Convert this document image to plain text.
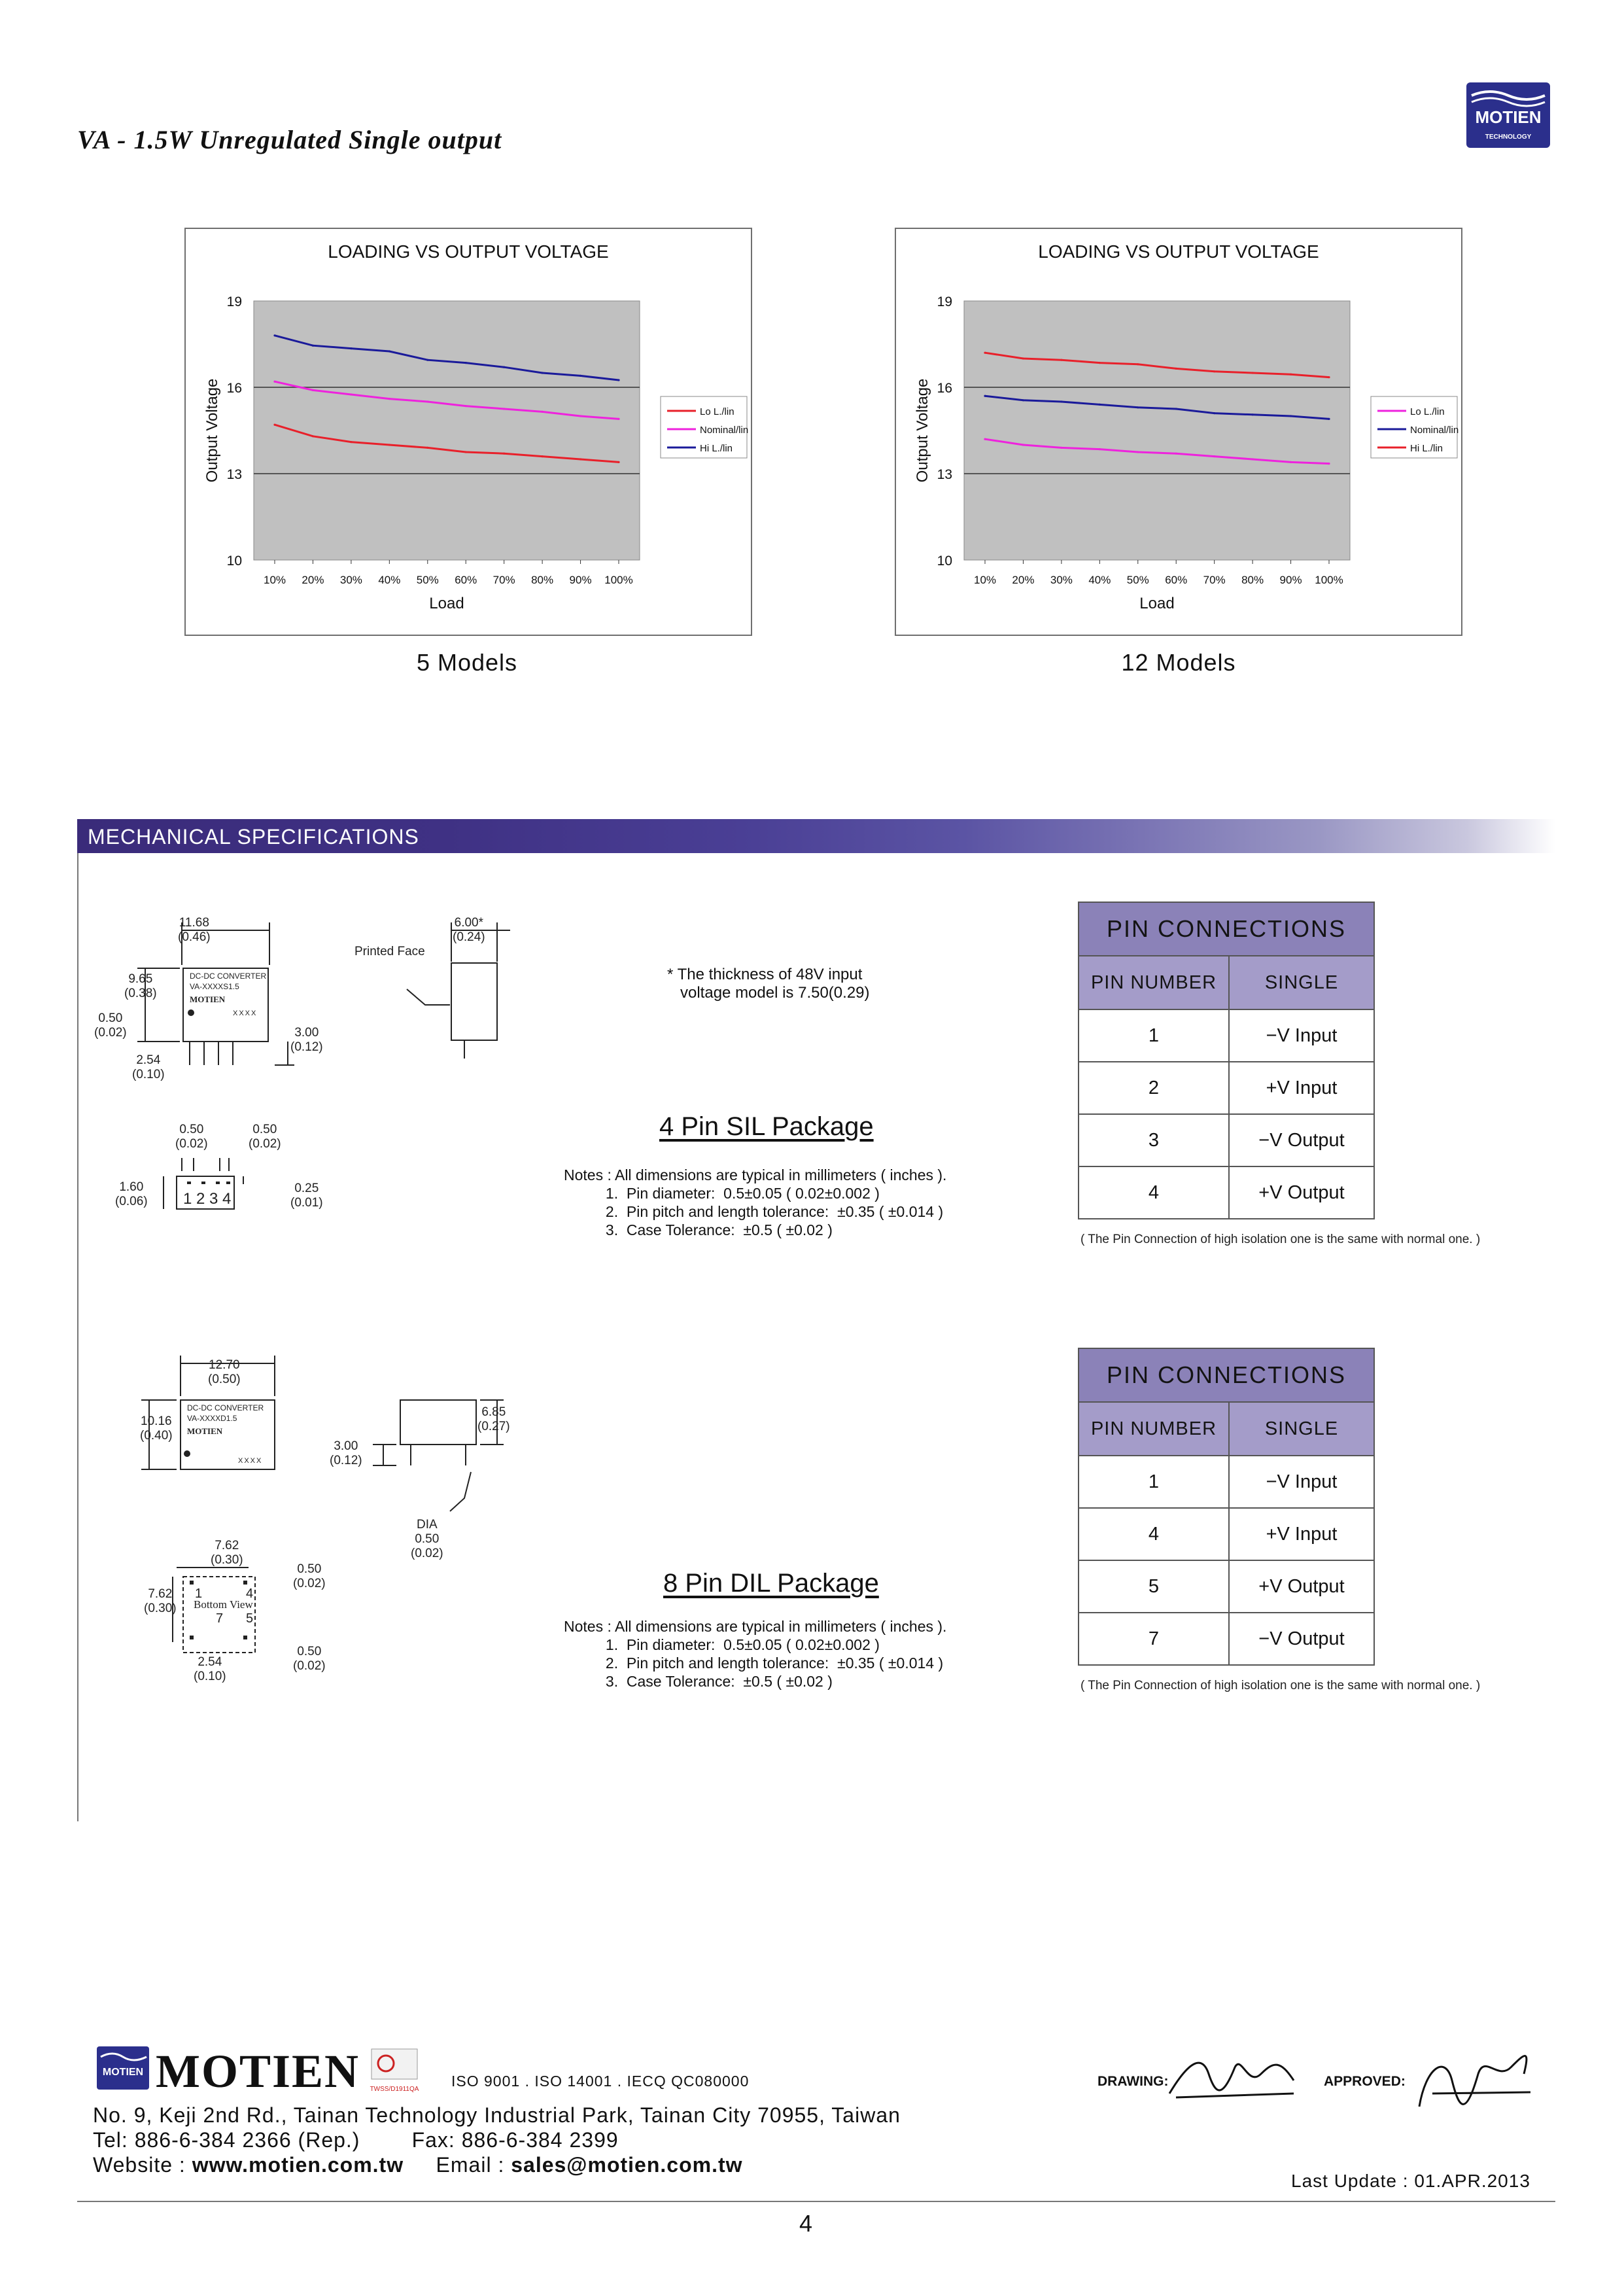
VA - 1.5W Unregulated Single output
MOTIEN
TECHNOLOGY
LOADING VS OUTPUT VOLTAGE
10
13
16
19
10% 20% 30% 40% 50% 60% 70% 80% 90% 100%
Load
Output Voltage	Lo L./lin
Nominal/lin
Hi L./lin
5 Models
LOADING VS OUTPUT VOLTAGE
10
13
16
19
10% 20% 30% 40% 50% 60% 70% 80% 90% 100%
Load
Output Voltage	Lo L./lin
Nominal/lin
Hi L./lin
12 Models
MECHANICAL SPECIFICATIONS
DC-DC CONVERTER
VA-XXXXS1.5
MOTIEN
XXXX
1 2 3 4
11.68
(0.46)
9.65
(0.38)
0.50
(0.02)
2.54
(0.10)
3.00
(0.12)
6.00*
(0.24)
Printed Face
0.50
(0.02)
0.50
(0.02)
1.60
(0.06)
0.25
(0.01)
* The thickness of 48V input
voltage model is 7.50(0.29)
4 Pin SIL Package
Notes : All dimensions are typical in millimeters ( inches ).
1.  Pin diameter:  0.5±0.05 ( 0.02±0.002 )
2.  Pin pitch and length tolerance:  ±0.35 ( ±0.014 )
3.  Case Tolerance:  ±0.5 ( ±0.02 )
PIN CONNECTIONS	
PIN NUMBER	SINGLE
1	−V Input
2	+V Input
3	−V Output
4	+V Output
( The Pin Connection of high isolation one is the same with normal one. )
DC-DC CONVERTER
VA-XXXXD1.5
MOTIEN
XXXX
1	4
Bottom View
7 5
12.70
(0.50)
10.16
(0.40)
3.00
(0.12)
6.85
(0.27)
DIA
0.50
(0.02)
7.62
(0.30)
7.62
(0.30)
2.54
(0.10)
0.50
(0.02)
0.50
(0.02)
8 Pin DIL Package
Notes : All dimensions are typical in millimeters ( inches ).
1.  Pin diameter:  0.5±0.05 ( 0.02±0.002 )
2.  Pin pitch and length tolerance:  ±0.35 ( ±0.014 )
3.  Case Tolerance:  ±0.5 ( ±0.02 )
PIN CONNECTIONS	
PIN NUMBER	SINGLE
1	−V Input
4	+V Input
5	+V Output
7	−V Output
( The Pin Connection of high isolation one is the same with normal one. )
MOTIEN MOTIEN TWSS/D1911QA ISO 9001 . ISO 14001 . IECQ QC080000
No. 9, Keji 2nd Rd., Tainan Technology Industrial Park, Tainan City 70955, Taiwan
Tel: 886-6-384 2366 (Rep.) Fax: 886-6-384 2399
Website : www.motien.com.tw Email : sales@motien.com.tw
DRAWING:	APPROVED:
Last Update : 01.APR.2013
4
